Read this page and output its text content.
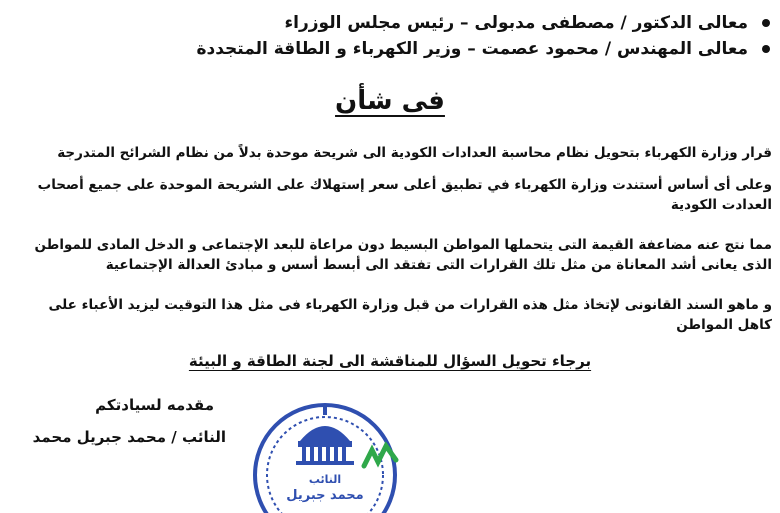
معالى الدكتور / مصطفى مدبولى – رئيس مجلس الوزراء
معالى المهندس / محمود عصمت – وزير الكهرباء و الطاقة المتجددة
فى شأن
قرار وزارة الكهرباء بتحويل نظام محاسبة العدادات الكودية الى شريحة موحدة بدلاً من نظام الشرائح المتدرجة
وعلى أى أساس أستندت وزارة الكهرباء في تطبيق أعلى سعر إستهلاك على الشريحة الموحدة على جميع أصحاب العدادت الكودية
مما نتج عنه مضاعفة القيمة التى يتحملها المواطن البسيط دون مراعاة للبعد الإجتماعى و الدخل المادى للمواطن الذى يعانى أشد المعاناة من مثل تلك القرارات التى تفتقد الى أبسط أسس و مبادئ العدالة الإجتماعية
و ماهو السند القانونى لإتخاذ مثل هذه القرارات من قبل وزارة الكهرباء فى مثل هذا التوقيت ليزيد الأعباء على كاهل المواطن
برجاء تحويل السؤال للمناقشة الى لجنة الطاقة و البيئة
مقدمه لسيادتكم
النائب / محمد جبريل محمد
النائب
محمد جبريل
